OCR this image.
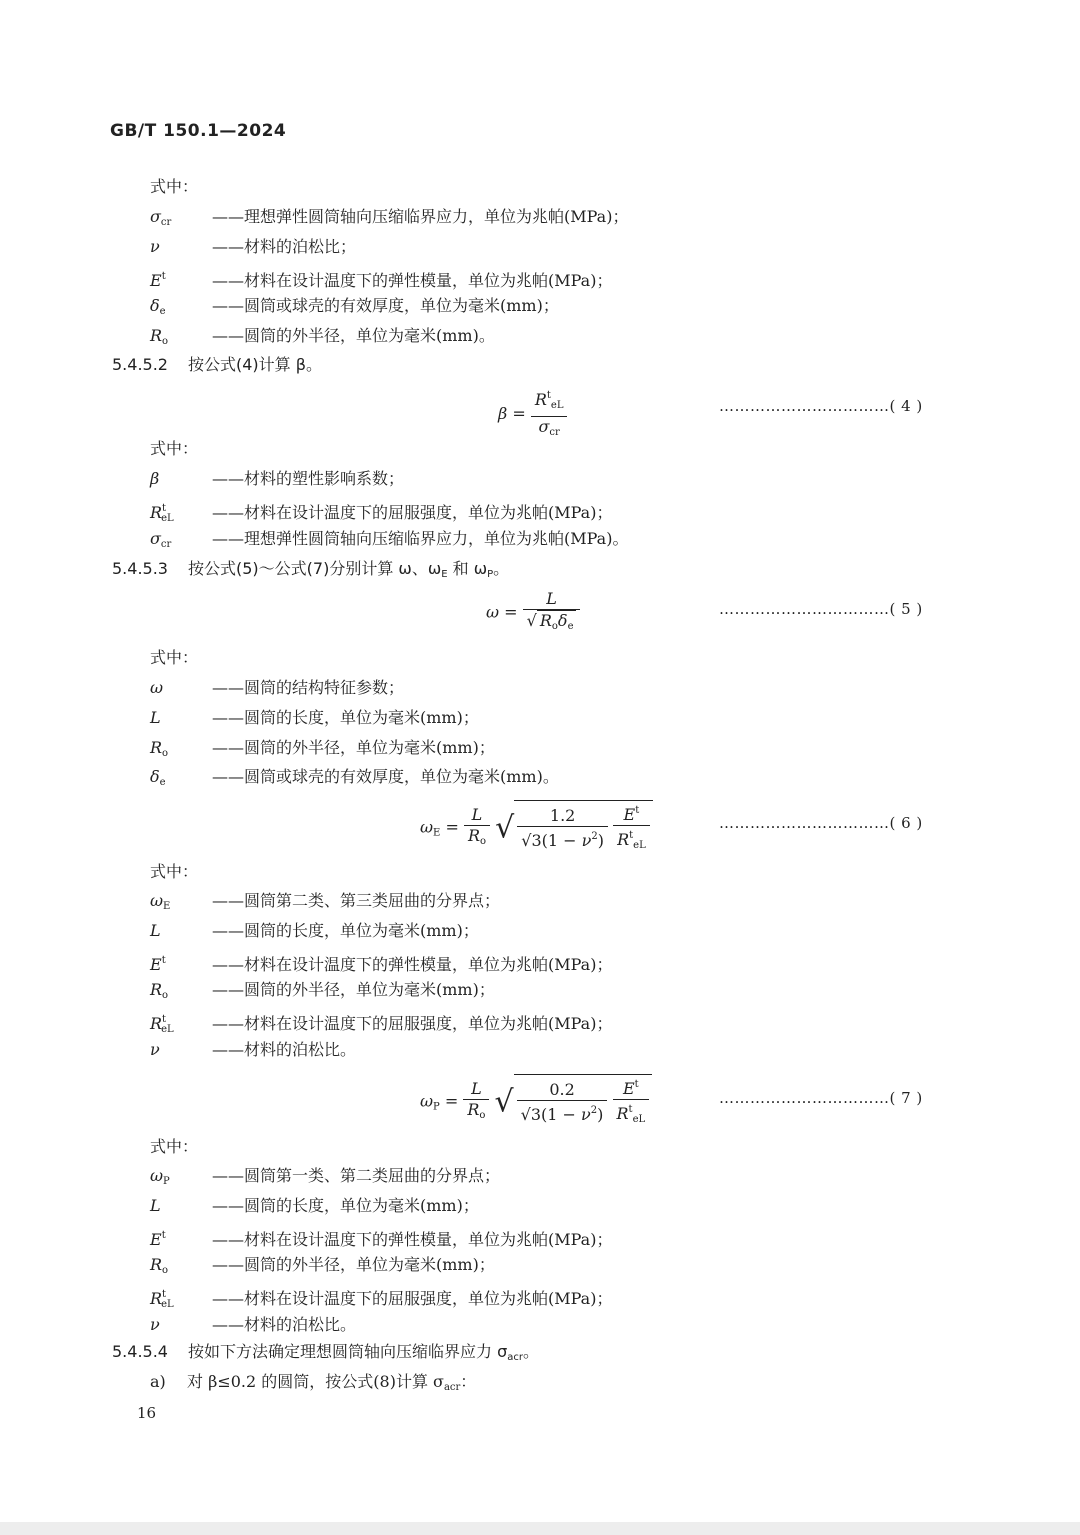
GB/T 150.1—2024
式中：
5.4.5.2 按公式(4)计算 β。
$\beta = \frac{R^t_{eL}}{\sigma_{cr}}$	……………………………( 4 )
式中：
5.4.5.3 按公式(5)～公式(7)分别计算 ω、$\omega_E$ 和 $\omega_P$。
$\omega = \frac{L}{√ R_o\delta_e}$	……………………………( 5 )
式中：
$\omega_E = \frac{L}{R_o}$ √ $\frac{1.2}{√3(1 - \nu^2)}$
$\frac{E^t}{R^t_{eL}}$	……………………………( 6 )
式中：
$\omega_P = \frac{L}{R_o}$ √ $\frac{0.2}{√3(1 - \nu^2)}$
$\frac{E^t}{R^t_{eL}}$	……………………………( 7 )
式中：
5.4.5.4 按如下方法确定理想圆筒轴向压缩临界应力 $\sigma_{acr}$。
a) 对 β≤0.2 的圆筒，按公式(8)计算 $\sigma_{acr}$：
16
$\sigma_{cr}$	——理想弹性圆筒轴向压缩临界应力，单位为兆帕(MPa)；
ν	——材料的泊松比；
$E^t$	——材料在设计温度下的弹性模量，单位为兆帕(MPa)；
$\delta_e$	——圆筒或球壳的有效厚度，单位为毫米(mm)；
$R_o$	——圆筒的外半径，单位为毫米(mm)。
β	——材料的塑性影响系数；
$R^t_{eL}$ ——材料在设计温度下的屈服强度，单位为兆帕(MPa)；
$\sigma_{cr}$	——理想弹性圆筒轴向压缩临界应力，单位为兆帕(MPa)。
ω	——圆筒的结构特征参数；
L	——圆筒的长度，单位为毫米(mm)；
$R_o$	——圆筒的外半径，单位为毫米(mm)；
$\delta_e$	——圆筒或球壳的有效厚度，单位为毫米(mm)。
$\omega_E$	——圆筒第二类、第三类屈曲的分界点；
L	——圆筒的长度，单位为毫米(mm)；
$E^t$	——材料在设计温度下的弹性模量，单位为兆帕(MPa)；
$R_o$	——圆筒的外半径，单位为毫米(mm)；
$R^t_{eL}$ ——材料在设计温度下的屈服强度，单位为兆帕(MPa)；
ν	——材料的泊松比。
$\omega_P$	——圆筒第一类、第二类屈曲的分界点；
L	——圆筒的长度，单位为毫米(mm)；
$E^t$	——材料在设计温度下的弹性模量，单位为兆帕(MPa)；
$R_o$	——圆筒的外半径，单位为毫米(mm)；
$R^t_{eL}$ ——材料在设计温度下的屈服强度，单位为兆帕(MPa)；
ν	——材料的泊松比。
